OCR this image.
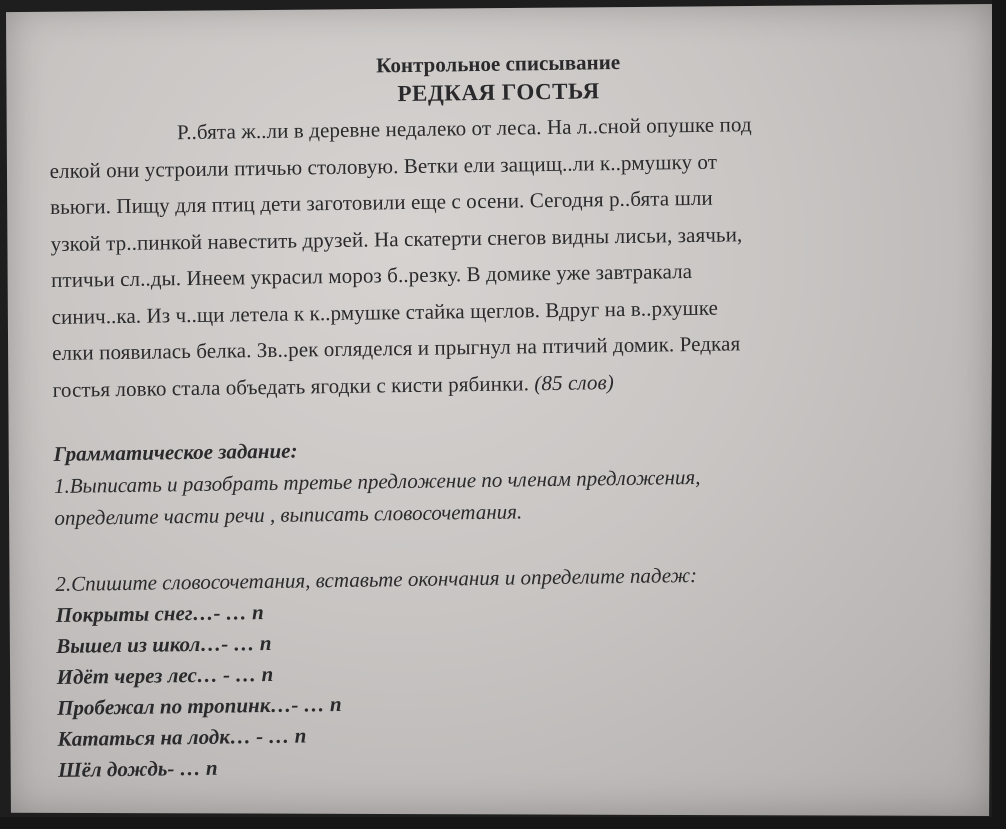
Контрольное списывание

РЕДКАЯ ГОСТЬЯ

Р..бята ж..ли в деревне недалеко от леса. На л..сной опушке под
елкой они устроили птичью столовую. Ветки ели защищ..ли к..рмушку от
вьюги. Пищу для птиц дети заготовили еще с осени. Сегодня р..бята шли
узкой тр..пинкой навестить друзей. На скатерти снегов видны лисьи, заячьи,
птичьи сл..ды. Инеем украсил мороз б..резку. В домике уже завтракала
синич..ка. Из ч..щи летела к к..рмушке стайка щеглов. Вдруг на в..рхушке
елки появилась белка. Зв..рек огляделся и прыгнул на птичий домик. Редкая
гостья ловко стала объедать ягодки с кисти рябинки. (85 слов)

Грамматическое задание:

1.Выписать и разобрать третье предложение по членам предложения,
определите части речи , выписать словосочетания.

2.Спишите словосочетания, вставьте окончания и определите падеж:

Покрыты снег…- … п
Вышел из школ…- … п
Идёт через лес… - … п
Пробежал по тропинк…- … п
Кататься на лодк… - … п
Шёл дождь- … п
